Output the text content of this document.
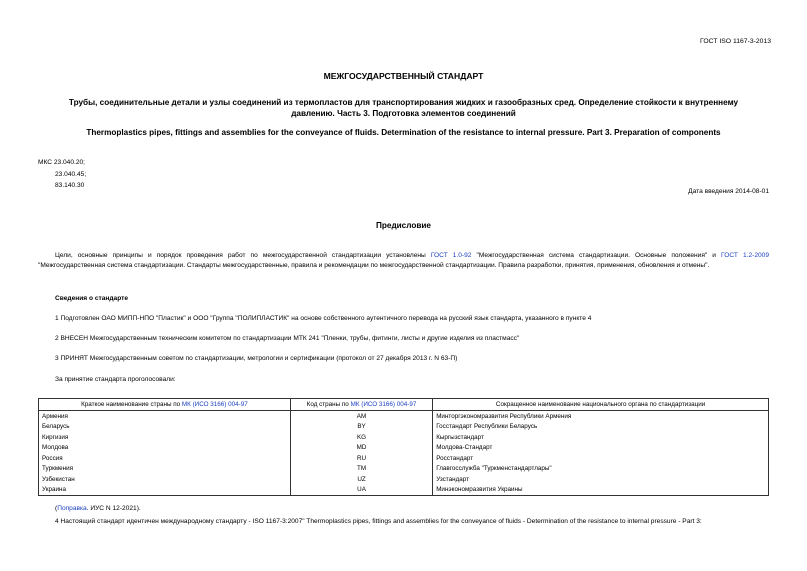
ГОСТ ISO 1167-3-2013
МЕЖГОСУДАРСТВЕННЫЙ СТАНДАРТ
Трубы, соединительные детали и узлы соединений из термопластов для транспортирования жидких и газообразных сред. Определение стойкости к внутреннему
давлению. Часть 3. Подготовка элементов соединений
Thermoplastics pipes, fittings and assemblies for the conveyance of fluids. Determination of the resistance to internal pressure. Part 3. Preparation of components
МКС 23.040.20;
23.040.45;
83.140.30
Дата введения 2014-08-01
Предисловие
Цели, основные принципы и порядок проведения работ по межгосударственной стандартизации установлены ГОСТ 1.0-92 "Межгосударственная система стандартизации. Основные положения" и ГОСТ 1.2-2009 "Межгосударственная система стандартизации. Стандарты межгосударственные, правила и рекомендации по межгосударственной стандартизации. Правила разработки, принятия, применения, обновления и отмены".
Сведения о стандарте
1 Подготовлен ОАО МИПП-НПО "Пластик" и ООО "Группа "ПОЛИПЛАСТИК" на основе собственного аутентичного перевода на русский язык стандарта, указанного в пункте 4
2 ВНЕСЕН Межгосударственным техническим комитетом по стандартизации МТК 241 "Пленки, трубы, фитинги, листы и другие изделия из пластмасс"
3 ПРИНЯТ Межгосударственным советом по стандартизации, метрологии и сертификации (протокол от 27 декабря 2013 г. N 63-П)
За принятие стандарта проголосовали:
Краткое наименование страны по МК (ИСО 3166) 004-97	Код страны по МК (ИСО 3166) 004-97	Сокращенное наименование национального органа по стандартизации
Армения	AM	Минторгэкономразвития Республики Армения
Беларусь	BY	Госстандарт Республики Беларусь
Киргизия	KG	Кыргызстандарт
Молдова	MD	Молдова-Стандарт
Россия	RU	Росстандарт
Туркмения	TM	Главгосслужба "Туркменстандартлары"
Узбекистан	UZ	Узстандарт
Украина	UA	Минэкономразвития Украины
(Поправка. ИУС N 12-2021).
4 Настоящий стандарт идентичен международному стандарту - ISO 1167-3:2007" Thermoplastics pipes, fittings and assemblies for the conveyance of fluids - Determination of the resistance to internal pressure - Part 3:
